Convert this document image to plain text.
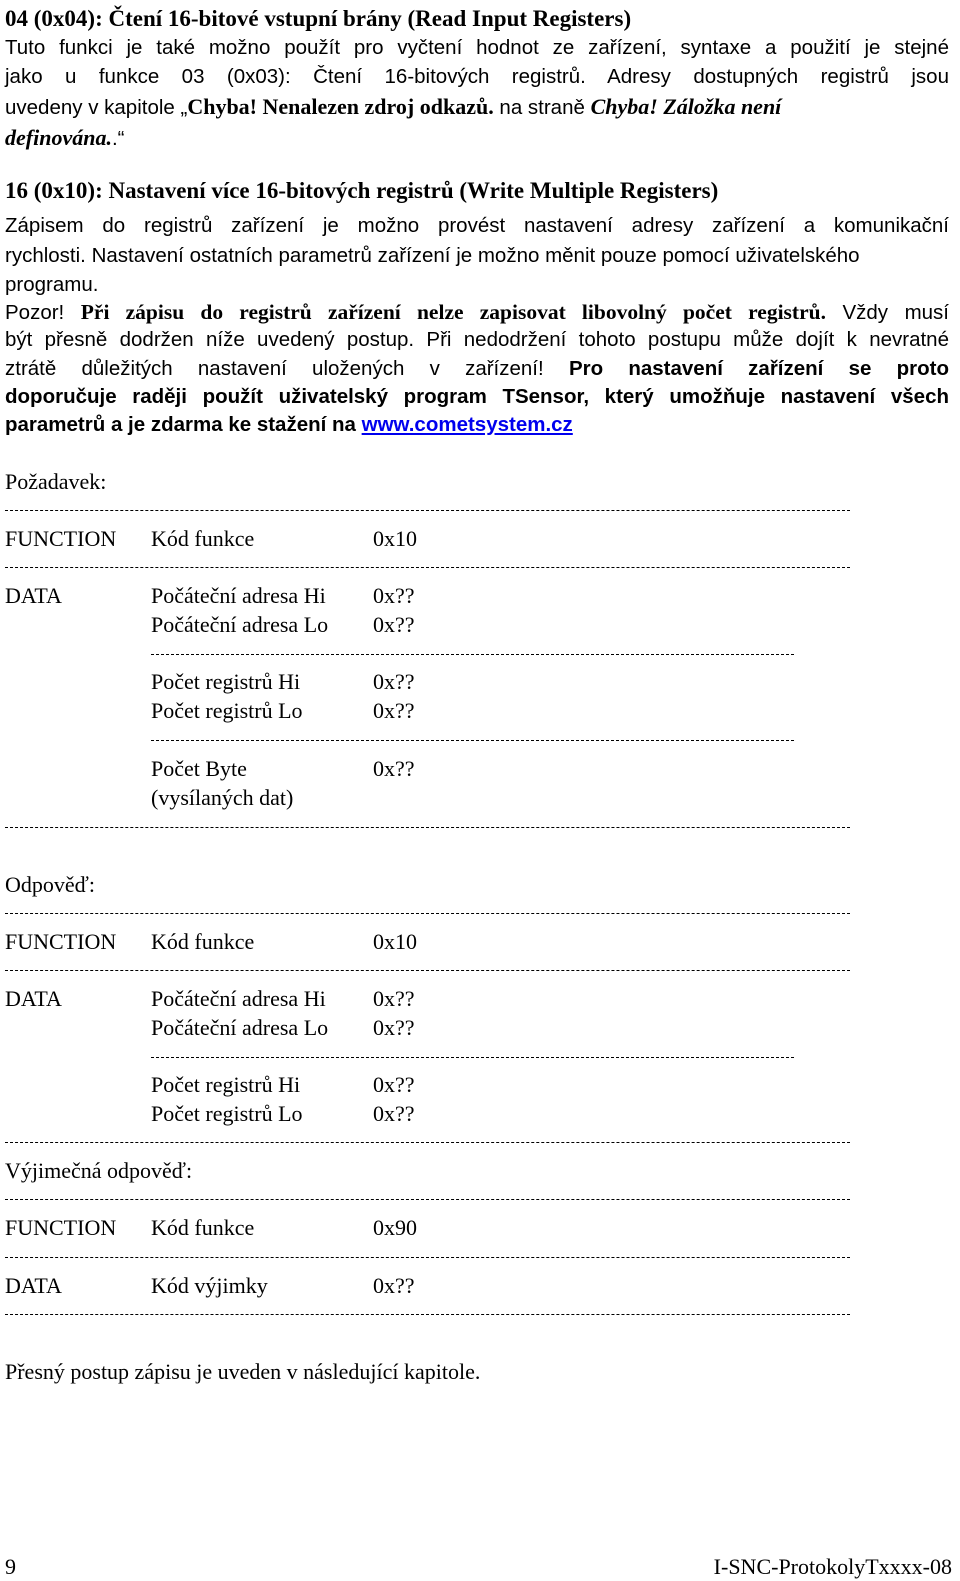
04 (0x04): Čtení 16-bitové vstupní brány (Read Input Registers)
Tuto funkci je také možno použít pro vyčtení hodnot ze zařízení, syntaxe a použití je stejné
jako u funkce 03 (0x03): Čtení 16-bitových registrů. Adresy dostupných registrů jsou
uvedeny v kapitole „Chyba! Nenalezen zdroj odkazů. na straně Chyba! Záložka není
definována..“
16 (0x10): Nastavení více 16-bitových registrů (Write Multiple Registers)
Zápisem do registrů zařízení je možno provést nastavení adresy zařízení a komunikační
rychlosti. Nastavení ostatních parametrů zařízení je možno měnit pouze pomocí uživatelského
programu.
Pozor! Při zápisu do registrů zařízení nelze zapisovat libovolný počet registrů. Vždy musí
být přesně dodržen níže uvedený postup. Při nedodržení tohoto postupu může dojít k nevratné
ztrátě důležitých nastavení uložených v zařízení! Pro nastavení zařízení se proto
doporučuje raději použít uživatelský program TSensor, který umožňuje nastavení všech
parametrů a je zdarma ke stažení na www.cometsystem.cz
Požadavek:
FUNCTION Kód funkce	0x10
DATA	Počáteční adresa Hi 0x??
Počáteční adresa Lo 0x??
Počet registrů Hi	0x??
Počet registrů Lo	0x??
Počet Byte	0x??
(vysílaných dat)
Odpověď:
FUNCTION Kód funkce	0x10
DATA	Počáteční adresa Hi 0x??
Počáteční adresa Lo 0x??
Počet registrů Hi	0x??
Počet registrů Lo	0x??
Výjimečná odpověď:
FUNCTION Kód funkce	0x90
DATA	Kód výjimky	0x??
Přesný postup zápisu je uveden v následující kapitole.
9	I-SNC-ProtokolyTxxxx-08
